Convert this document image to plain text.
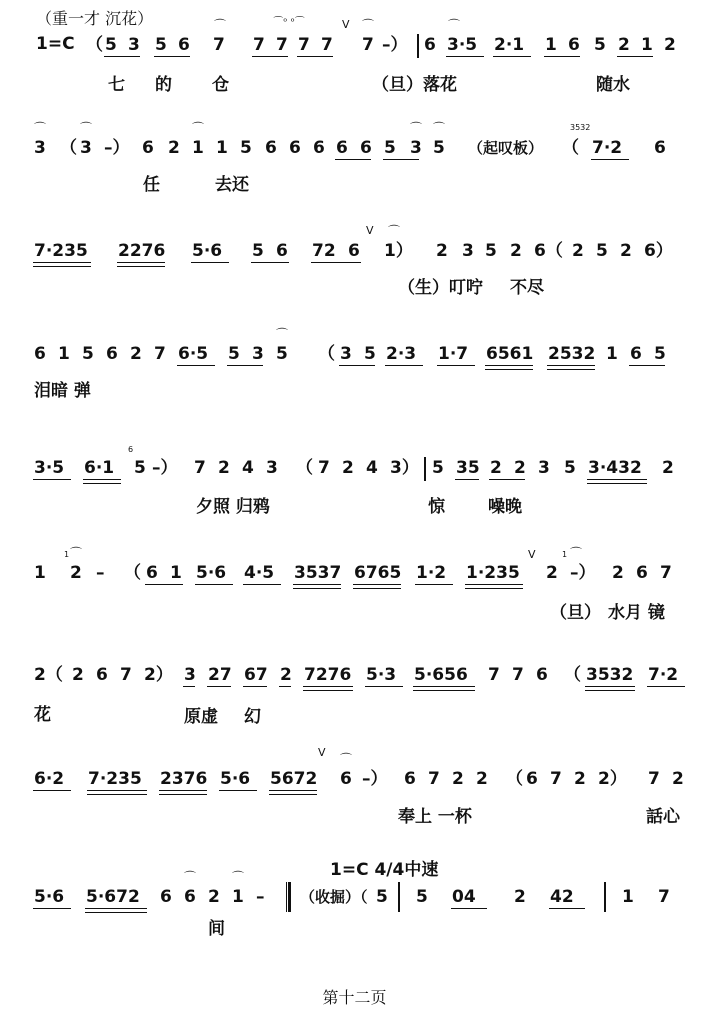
（重一才 沉花）
1=C （ 5 3 5 6 7 7 7 7 7 7 –） 6 3·5 2·1 1 6 5 2 1 2
⌒	⌒	⌒
⌒ᵒ ᵒ⌒	V
七 的 仓	（旦） 落花	随水
3 （ 3 –） 6 2 1 1 5 6 6 6 6 6 5 3 5 （起叹板） （ 7·2 6
⌒	⌒	⌒	⌒ ⌒	3532
任	去还
7·235 2276 5·6 5 6 72 6 1） 2 3 5 2 6（ 2 5 2 6）
⌒
V
（生）叮咛 不尽
6 1 5 6 2 7 6·5 5 3 5 （ 3 5 2·3 1·7 6561 2532 1 6 5
⌒
泪暗 弹
3·5 6·1 5 –） 7 2 4 3 （ 7 2 4 3） 5 35 2 2 3 5 3·432 2
6
夕照 归鸦	惊	噪晚
1 2 – （ 6 1 5·6 4·5 3537 6765 1·2 1·235 2 –） 2 6 7
⌒	⌒
1	1
V
（旦） 水月 镜
2（ 2 6 7 2） 3 27 67 2 7276 5·3 5·656 7 7 6 （ 3532 7·2
花	原虚 幻
6·2 7·235 2376 5·6 5672 6 –） 6 7 2 2 （ 6 7 2 2） 7 2
⌒
V
奉上 一杯	話心
1=C 4/4中速
5·6 5·672 6 6 2 1 – （收掘）（ 5 5 04 2 42	1 7
⌒	⌒
间
第十二页
